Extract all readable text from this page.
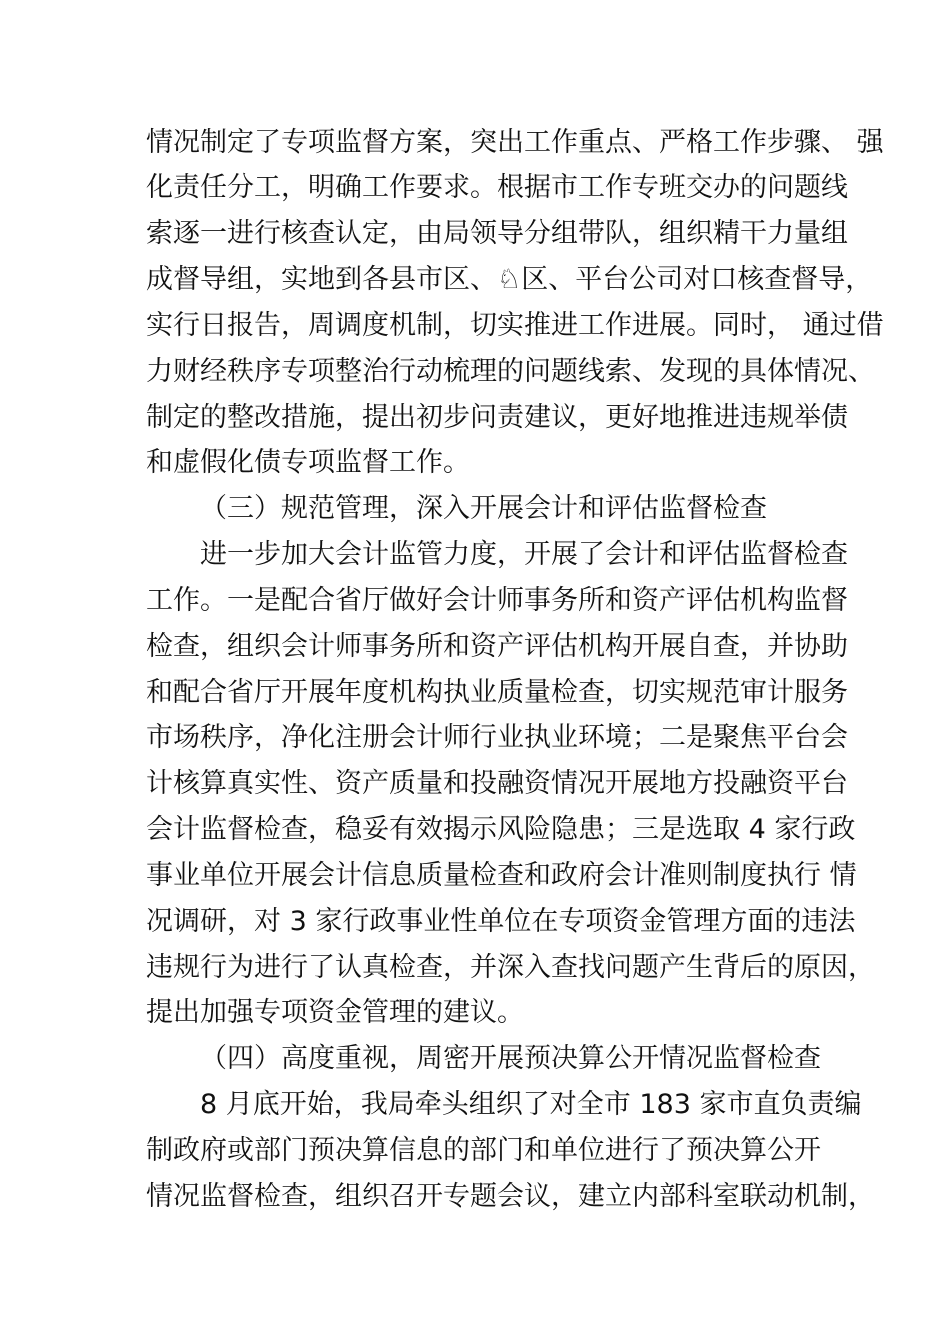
情况制定了专项监督方案，突出工作重点、严格工作步骤、 强
化责任分工，明确工作要求。根据市工作专班交办的问题线
索逐一进行核查认定，由局领导分组带队，组织精干力量组
成督导组，实地到各县市区、♘区、平台公司对口核查督导，
实行日报告，周调度机制，切实推进工作进展。同时， 通过借
力财经秩序专项整治行动梳理的问题线索、发现的具体情况、
制定的整改措施，提出初步问责建议，更好地推进违规举债
和虚假化债专项监督工作。
（三）规范管理，深入开展会计和评估监督检查
进一步加大会计监管力度，开展了会计和评估监督检查
工作。一是配合省厅做好会计师事务所和资产评估机构监督
检查，组织会计师事务所和资产评估机构开展自查，并协助
和配合省厅开展年度机构执业质量检查，切实规范审计服务
市场秩序，净化注册会计师行业执业环境；二是聚焦平台会
计核算真实性、资产质量和投融资情况开展地方投融资平台
会计监督检查，稳妥有效揭示风险隐患；三是选取 4 家行政
事业单位开展会计信息质量检查和政府会计准则制度执行 情
况调研，对 3 家行政事业性单位在专项资金管理方面的违法
违规行为进行了认真检查，并深入查找问题产生背后的原因，
提出加强专项资金管理的建议。
（四）高度重视，周密开展预决算公开情况监督检查
8 月底开始，我局牵头组织了对全市 183 家市直负责编
制政府或部门预决算信息的部门和单位进行了预决算公开
情况监督检查，组织召开专题会议，建立内部科室联动机制，
